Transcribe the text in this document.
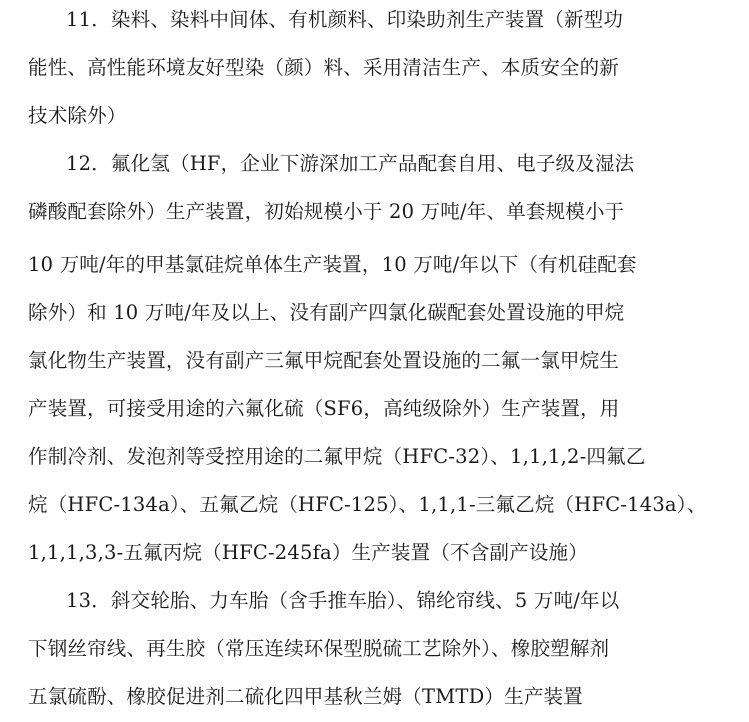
11．染料、染料中间体、有机颜料、印染助剂生产装置（新型功
能性、高性能环境友好型染（颜）料、采用清洁生产、本质安全的新
技术除外）
12．氟化氢（HF，企业下游深加工产品配套自用、电子级及湿法
磷酸配套除外）生产装置，初始规模小于 20 万吨/年、单套规模小于
10 万吨/年的甲基氯硅烷单体生产装置，10 万吨/年以下（有机硅配套
除外）和 10 万吨/年及以上、没有副产四氯化碳配套处置设施的甲烷
氯化物生产装置，没有副产三氟甲烷配套处置设施的二氟一氯甲烷生
产装置，可接受用途的六氟化硫（SF6，高纯级除外）生产装置，用
作制冷剂、发泡剂等受控用途的二氟甲烷（HFC-32）、1,1,1,2-四氟乙
烷（HFC-134a）、五氟乙烷（HFC-125）、1,1,1-三氟乙烷（HFC-143a）、
1,1,1,3,3-五氟丙烷（HFC-245fa）生产装置（不含副产设施）
13．斜交轮胎、力车胎（含手推车胎）、锦纶帘线、5 万吨/年以
下钢丝帘线、再生胶（常压连续环保型脱硫工艺除外）、橡胶塑解剂
五氯硫酚、橡胶促进剂二硫化四甲基秋兰姆（TMTD）生产装置
